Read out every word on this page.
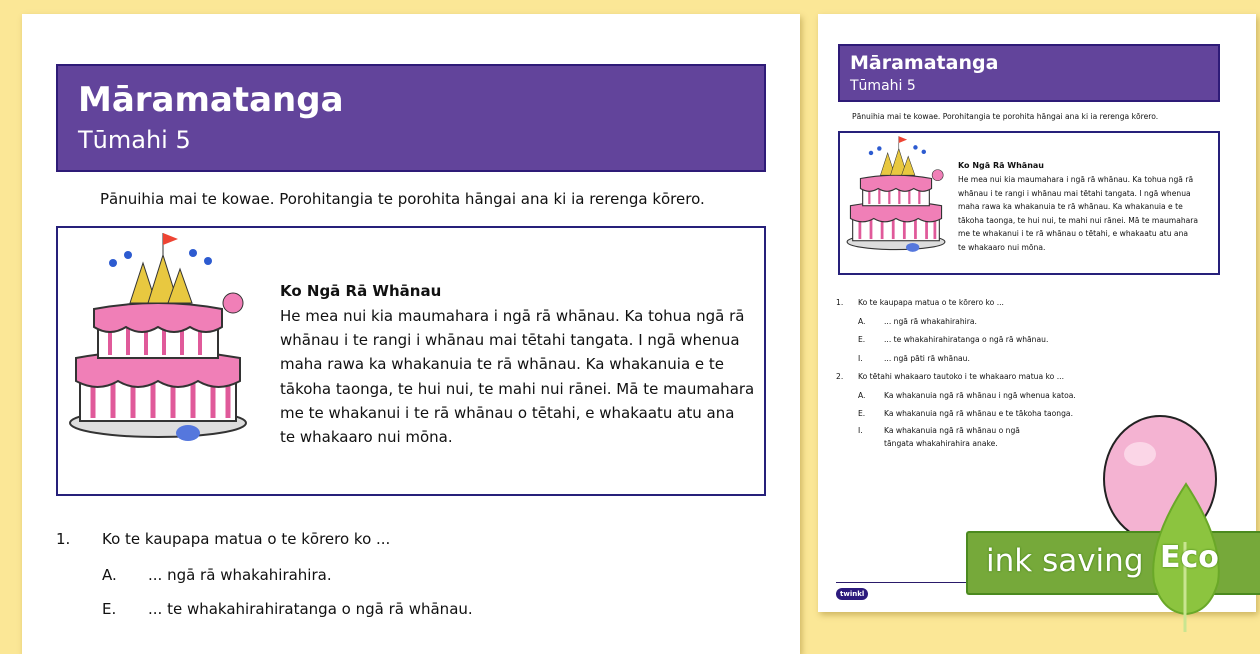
Māramatanga
Tūmahi 5
Pānuihia mai te kowae. Porohitangia te porohita hāngai ana ki ia rerenga kōrero.
Ko Ngā Rā Whānau
He mea nui kia maumahara i ngā rā whānau. Ka tohua ngā rā
whānau i te rangi i whānau mai tētahi tangata. I ngā whenua
maha rawa ka whakanuia te rā whānau. Ka whakanuia e te
tākoha taonga, te hui nui, te mahi nui rānei. Mā te maumahara
me te whakanui i te rā whānau o tētahi, e whakaatu atu ana
te whakaaro nui mōna.
1. Ko te kaupapa matua o te kōrero ko ...
A. ... ngā rā whakahirahira.
E. ... te whakahirahiratanga o ngā rā whānau.
Māramatanga
Tūmahi 5
Pānuihia mai te kowae. Porohitangia te porohita hāngai ana ki ia rerenga kōrero.
Ko Ngā Rā Whānau
He mea nui kia maumahara i ngā rā whānau. Ka tohua ngā rā
whānau i te rangi i whānau mai tētahi tangata. I ngā whenua
maha rawa ka whakanuia te rā whānau. Ka whakanuia e te
tākoha taonga, te hui nui, te mahi nui rānei. Mā te maumahara
me te whakanui i te rā whānau o tētahi, e whakaatu atu ana
te whakaaro nui mōna.
1. Ko te kaupapa matua o te kōrero ko ...
A. ... ngā rā whakahirahira.
E. ... te whakahirahiratanga o ngā rā whānau.
I.	... ngā pāti rā whānau.
2. Ko tētahi whakaaro tautoko i te whakaaro matua ko ...
A. Ka whakanuia ngā rā whānau i ngā whenua katoa.
E. Ka whakanuia ngā rā whānau e te tākoha taonga.
I.	Ka whakanuia ngā rā whānau o ngā tāngata whakahirahira anake.
twinkl
ink saving Eco
